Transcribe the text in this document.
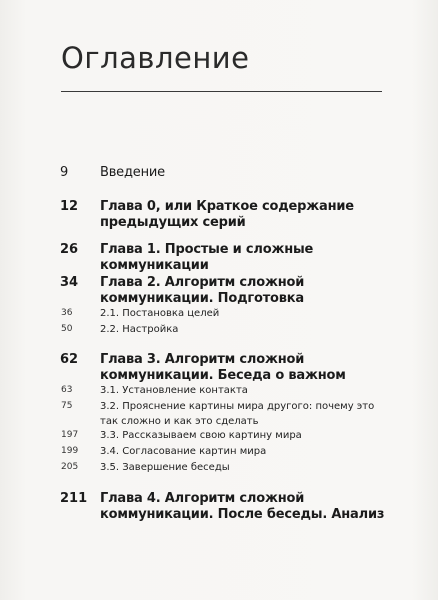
Оглавление
9 Введение
12 Глава 0, или Краткое содержание предыдущих серий
26 Глава 1. Простые и сложные коммуникации
34 Глава 2. Алгоритм сложной коммуникации. Подготовка
36	2.1. Постановка целей
50	2.2. Настройка
62 Глава 3. Алгоритм сложной коммуникации. Беседа о важном
63	3.1. Установление контакта
75	3.2. Прояснение картины мира другого: почему это так сложно и как это сделать
197 3.3. Рассказываем свою картину мира
199 3.4. Согласование картин мира
205 3.5. Завершение беседы
211 Глава 4. Алгоритм сложной коммуникации. После беседы. Анализ
